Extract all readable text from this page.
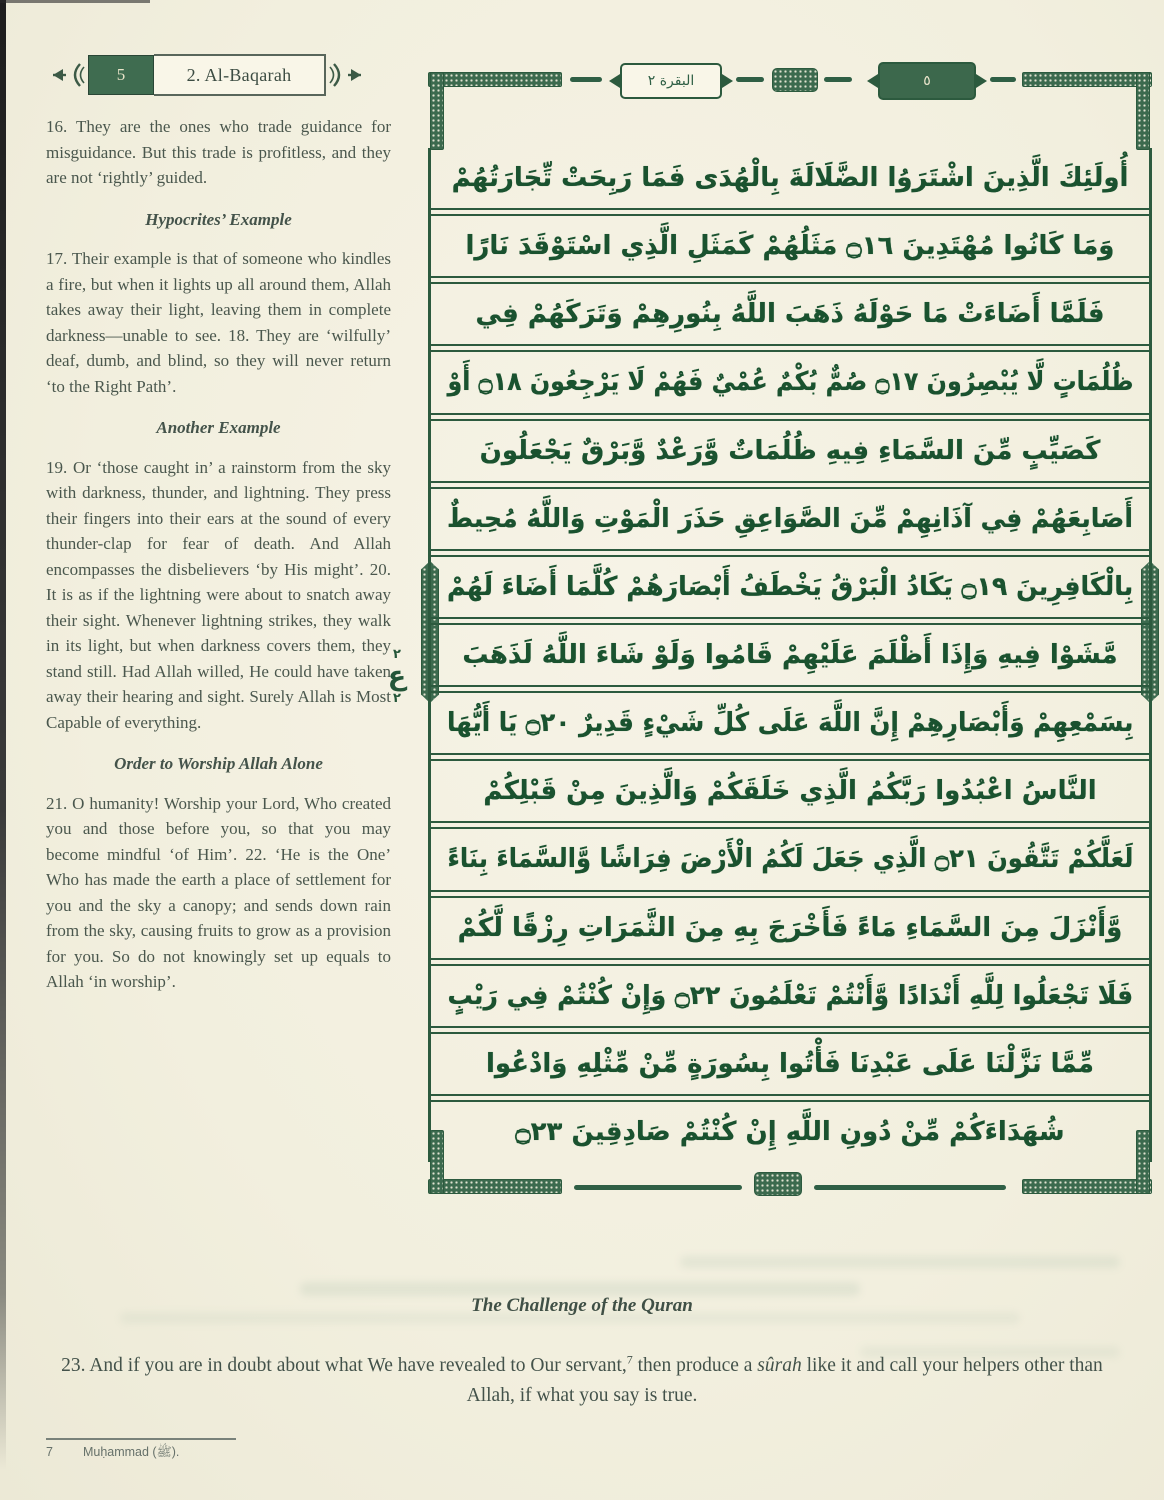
5	2. Al-Baqarah	البقرة ٢	٥
أُولَئِكَ الَّذِينَ اشْتَرَوُا الضَّلَالَةَ بِالْهُدَى فَمَا رَبِحَتْ تِّجَارَتُهُمْ
وَمَا كَانُوا مُهْتَدِينَ ۝١٦ مَثَلُهُمْ كَمَثَلِ الَّذِي اسْتَوْقَدَ نَارًا
فَلَمَّا أَضَاءَتْ مَا حَوْلَهُ ذَهَبَ اللَّهُ بِنُورِهِمْ وَتَرَكَهُمْ فِي
ظُلُمَاتٍ لَّا يُبْصِرُونَ ۝١٧ صُمٌّ بُكْمٌ عُمْيٌ فَهُمْ لَا يَرْجِعُونَ ۝١٨ أَوْ
كَصَيِّبٍ مِّنَ السَّمَاءِ فِيهِ ظُلُمَاتٌ وَّرَعْدٌ وَّبَرْقٌ يَجْعَلُونَ
أَصَابِعَهُمْ فِي آذَانِهِمْ مِّنَ الصَّوَاعِقِ حَذَرَ الْمَوْتِ وَاللَّهُ مُحِيطٌ
بِالْكَافِرِينَ ۝١٩ يَكَادُ الْبَرْقُ يَخْطَفُ أَبْصَارَهُمْ كُلَّمَا أَضَاءَ لَهُمْ
مَّشَوْا فِيهِ وَإِذَا أَظْلَمَ عَلَيْهِمْ قَامُوا وَلَوْ شَاءَ اللَّهُ لَذَهَبَ
بِسَمْعِهِمْ وَأَبْصَارِهِمْ إِنَّ اللَّهَ عَلَى كُلِّ شَيْءٍ قَدِيرٌ ۝٢٠ يَا أَيُّهَا
النَّاسُ اعْبُدُوا رَبَّكُمُ الَّذِي خَلَقَكُمْ وَالَّذِينَ مِنْ قَبْلِكُمْ
لَعَلَّكُمْ تَتَّقُونَ ۝٢١ الَّذِي جَعَلَ لَكُمُ الْأَرْضَ فِرَاشًا وَّالسَّمَاءَ بِنَاءً
وَّأَنْزَلَ مِنَ السَّمَاءِ مَاءً فَأَخْرَجَ بِهِ مِنَ الثَّمَرَاتِ رِزْقًا لَّكُمْ
فَلَا تَجْعَلُوا لِلَّهِ أَنْدَادًا وَّأَنْتُمْ تَعْلَمُونَ ۝٢٢ وَإِنْ كُنْتُمْ فِي رَيْبٍ
مِّمَّا نَزَّلْنَا عَلَى عَبْدِنَا فَأْتُوا بِسُورَةٍ مِّنْ مِّثْلِهِ وَادْعُوا
شُهَدَاءَكُمْ مِّنْ دُونِ اللَّهِ إِنْ كُنْتُمْ صَادِقِينَ ۝٢٣
٢
ع
٢

16. They are the ones who trade guidance for misguidance. But this trade is profitless, and they are not ‘rightly’ guided.

Hypocrites’ Example

17. Their example is that of someone who kindles a fire, but when it lights up all around them, Allah takes away their light, leaving them in complete darkness—unable to see. 18. They are ‘wilfully’ deaf, dumb, and blind, so they will never return ‘to the Right Path’.

Another Example

19. Or ‘those caught in’ a rainstorm from the sky with darkness, thunder, and lightning. They press their fingers into their ears at the sound of every thunder-clap for fear of death. And Allah encompasses the disbelievers ‘by His might’. 20. It is as if the lightning were about to snatch away their sight. Whenever lightning strikes, they walk in its light, but when darkness covers them, they stand still. Had Allah willed, He could have taken away their hearing and sight. Surely Allah is Most Capable of everything.

Order to Worship Allah Alone

21. O humanity! Worship your Lord, Who created you and those before you, so that you may become mindful ‘of Him’. 22. ‘He is the One’ Who has made the earth a place of settlement for you and the sky a canopy; and sends down rain from the sky, causing fruits to grow as a provision for you. So do not knowingly set up equals to Allah ‘in worship’.

The Challenge of the Quran

23. And if you are in doubt about what We have revealed to Our servant,$^7$ then produce a sûrah like it and call your helpers other than Allah, if what you say is true.

7 Muḥammad (ﷺ).
